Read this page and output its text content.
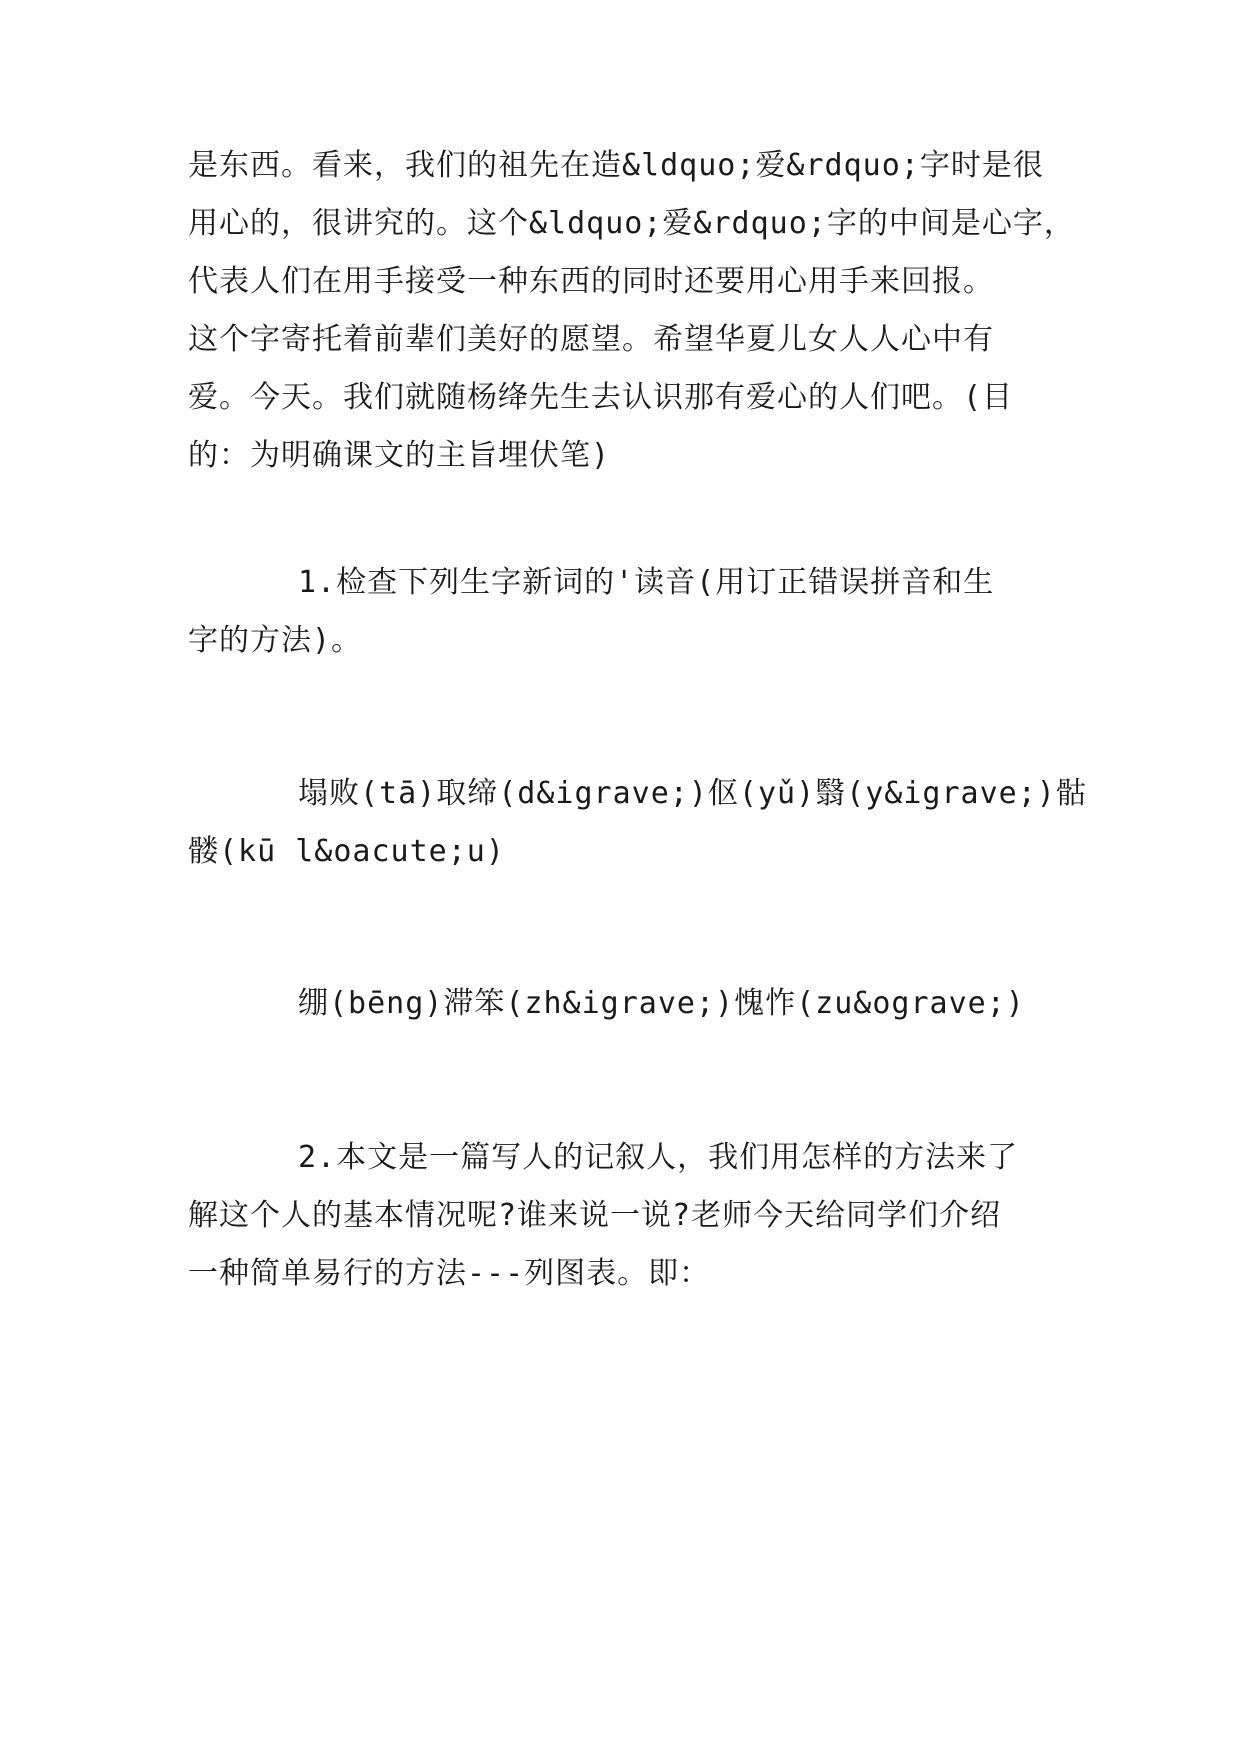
是东西。看来，我们的祖先在造&ldquo;爱&rdquo;字时是很
用心的，很讲究的。这个&ldquo;爱&rdquo;字的中间是心字，
代表人们在用手接受一种东西的同时还要用心用手来回报。
这个字寄托着前辈们美好的愿望。希望华夏儿女人人心中有
爱。今天。我们就随杨绛先生去认识那有爱心的人们吧。(目
的：为明确课文的主旨埋伏笔)
1.检查下列生字新词的'读音(用订正错误拼音和生
字的方法)。
塌败(tā)取缔(d&igrave;)伛(yǔ)翳(y&igrave;)骷
髅(kū l&oacute;u)
绷(bēng)滞笨(zh&igrave;)愧怍(zu&ograve;)
2.本文是一篇写人的记叙人，我们用怎样的方法来了
解这个人的基本情况呢?谁来说一说?老师今天给同学们介绍
一种简单易行的方法---列图表。即：
